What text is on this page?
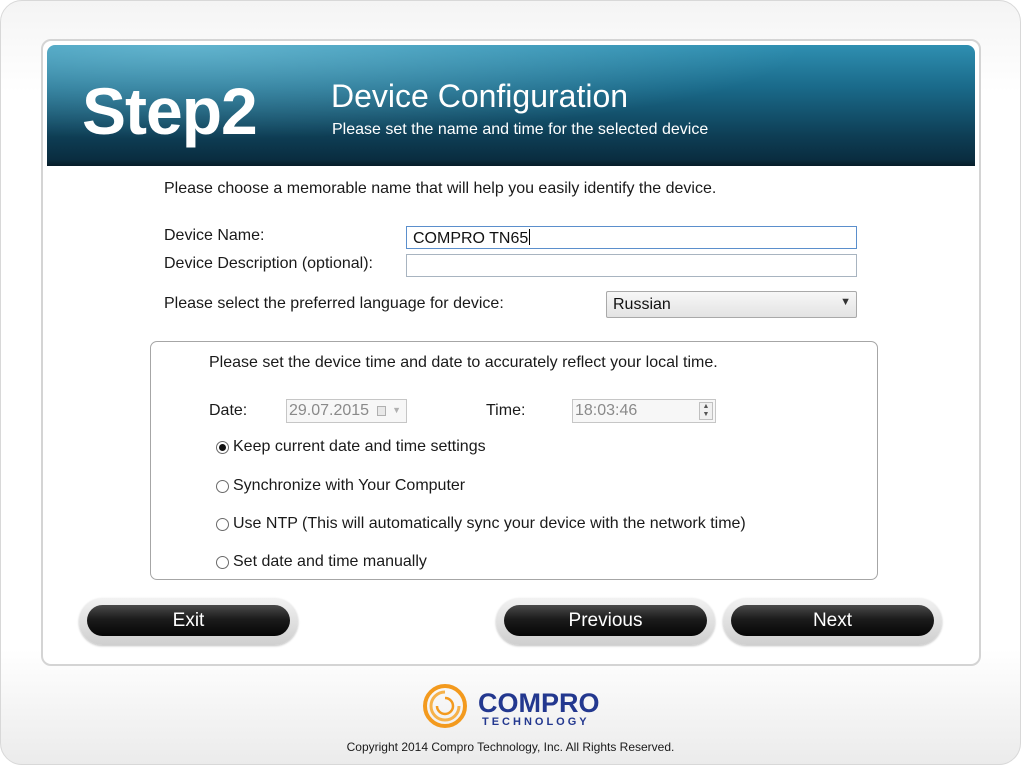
Step2 Device Configuration
Please set the name and time for the selected device
Please choose a memorable name that will help you easily identify the device.
Device Name:	COMPRO TN65
Device Description (optional):
Please select the preferred language for device:	Russian	▼
Please set the device time and date to accurately reflect your local time.
Date:	29.07.2015	▼	Time:	18:03:46	▲
▼
Keep current date and time settings
Synchronize with Your Computer
Use NTP (This will automatically sync your device with the network time)
Set date and time manually
Exit	Previous	Next
COMPRO
TECHNOLOGY
Copyright 2014 Compro Technology, Inc. All Rights Reserved.
